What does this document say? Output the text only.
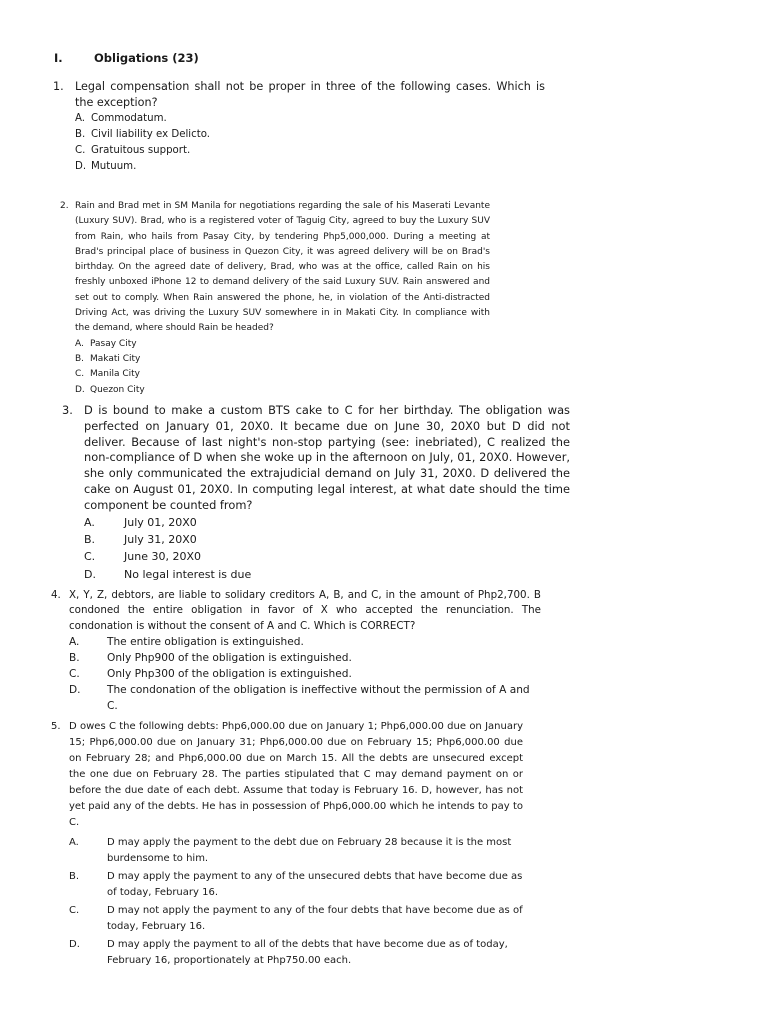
I.	Obligations (23)
1.	Legal compensation shall not be proper in three of the following cases. Which is the exception?
A. Commodatum.
B. Civil liability ex Delicto.
C. Gratuitous support.
D. Mutuum.
2. Rain and Brad met in SM Manila for negotiations regarding the sale of his Maserati Levante (Luxury SUV). Brad, who is a registered voter of Taguig City, agreed to buy the Luxury SUV from Rain, who hails from Pasay City, by tendering Php5,000,000. During a meeting at Brad's principal place of business in Quezon City, it was agreed delivery will be on Brad's birthday. On the agreed date of delivery, Brad, who was at the office, called Rain on his freshly unboxed iPhone 12 to demand delivery of the said Luxury SUV. Rain answered and set out to comply. When Rain answered the phone, he, in violation of the Anti-distracted Driving Act, was driving the Luxury SUV somewhere in in Makati City. In compliance with the demand, where should Rain be headed?
A. Pasay City
B. Makati City
C. Manila City
D. Quezon City
3. D is bound to make a custom BTS cake to C for her birthday. The obligation was perfected on January 01, 20X0. It became due on June 30, 20X0 but D did not deliver. Because of last night's non-stop partying (see: inebriated), C realized the non-compliance of D when she woke up in the afternoon on July, 01, 20X0. However, she only communicated the extrajudicial demand on July 31, 20X0. D delivered the cake on August 01, 20X0. In computing legal interest, at what date should the time component be counted from?
A.	July 01, 20X0
B.	July 31, 20X0
C.	June 30, 20X0
D.	No legal interest is due
4. X, Y, Z, debtors, are liable to solidary creditors A, B, and C, in the amount of Php2,700. B condoned the entire obligation in favor of X who accepted the renunciation. The condonation is without the consent of A and C. Which is CORRECT?
A.	The entire obligation is extinguished.
B.	Only Php900 of the obligation is extinguished.
C.	Only Php300 of the obligation is extinguished.
D.	The condonation of the obligation is ineffective without the permission of A and C.
5. D owes C the following debts: Php6,000.00 due on January 1; Php6,000.00 due on January 15; Php6,000.00 due on January 31; Php6,000.00 due on February 15; Php6,000.00 due on February 28; and Php6,000.00 due on March 15. All the debts are unsecured except the one due on February 28. The parties stipulated that C may demand payment on or before the due date of each debt. Assume that today is February 16. D, however, has not yet paid any of the debts. He has in possession of Php6,000.00 which he intends to pay to C.
A.	D may apply the payment to the debt due on February 28 because it is the most burdensome to him.
B.	D may apply the payment to any of the unsecured debts that have become due as of today, February 16.
C.	D may not apply the payment to any of the four debts that have become due as of today, February 16.
D.	D may apply the payment to all of the debts that have become due as of today, February 16, proportionately at Php750.00 each.
